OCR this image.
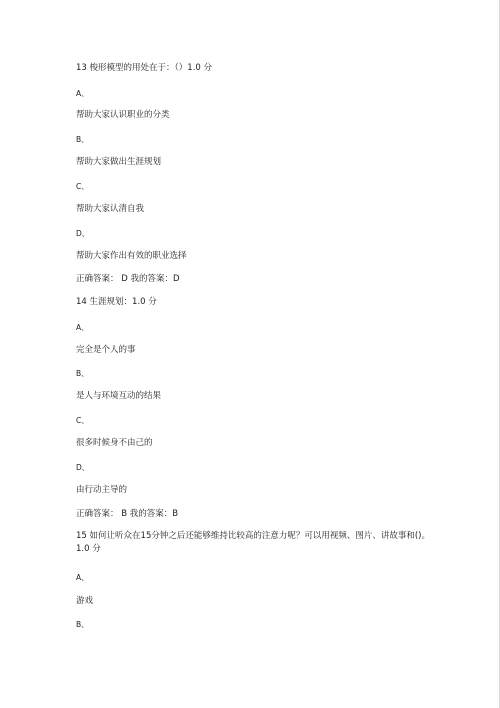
13 梭形模型的用处在于：（）1.0 分
A、
帮助大家认识职业的分类
B、
帮助大家做出生涯规划
C、
帮助大家认清自我
D、
帮助大家作出有效的职业选择
正确答案： D 我的答案：D
14 生涯规划：1.0 分
A、
完全是个人的事
B、
是人与环境互动的结果
C、
很多时候身不由己的
D、
由行动主导的
正确答案： B 我的答案：B
15 如何让听众在15分钟之后还能够维持比较高的注意力呢？可以用视频、图片、讲故事和()。
1.0 分
A、
游戏
B、
